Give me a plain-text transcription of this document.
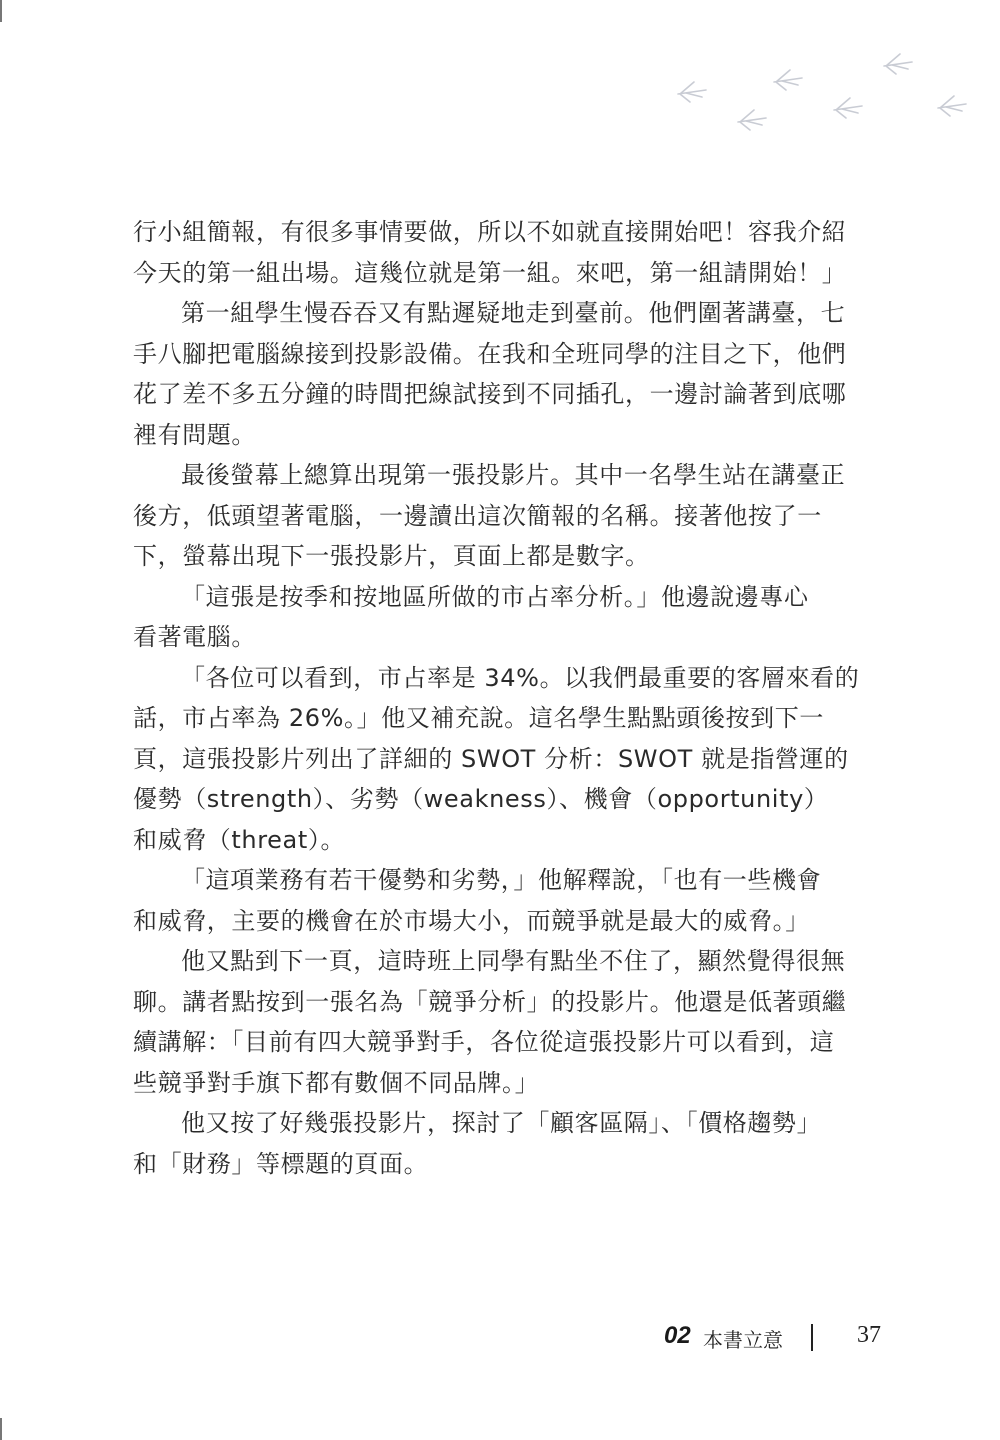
行小組簡報，有很多事情要做，所以不如就直接開始吧！容我介紹
今天的第一組出場。這幾位就是第一組。來吧，第一組請開始！」
第一組學生慢吞吞又有點遲疑地走到臺前。他們圍著講臺，七
手八腳把電腦線接到投影設備。在我和全班同學的注目之下，他們
花了差不多五分鐘的時間把線試接到不同插孔，一邊討論著到底哪
裡有問題。
最後螢幕上總算出現第一張投影片。其中一名學生站在講臺正
後方，低頭望著電腦，一邊讀出這次簡報的名稱。接著他按了一
下，螢幕出現下一張投影片，頁面上都是數字。
「這張是按季和按地區所做的市占率分析。」他邊說邊專心
看著電腦。
「各位可以看到，市占率是 34%。以我們最重要的客層來看的
話，市占率為 26%。」他又補充說。這名學生點點頭後按到下一
頁，這張投影片列出了詳細的 SWOT 分析：SWOT 就是指營運的
優勢（strength）、劣勢（weakness）、機會（opportunity）
和威脅（threat）。
「這項業務有若干優勢和劣勢，」他解釋說，「也有一些機會
和威脅，主要的機會在於市場大小，而競爭就是最大的威脅。」
他又點到下一頁，這時班上同學有點坐不住了，顯然覺得很無
聊。講者點按到一張名為「競爭分析」的投影片。他還是低著頭繼
續講解：「目前有四大競爭對手，各位從這張投影片可以看到，這
些競爭對手旗下都有數個不同品牌。」
他又按了好幾張投影片，探討了「顧客區隔」、「價格趨勢」
和「財務」等標題的頁面。
02 本書立意	37
